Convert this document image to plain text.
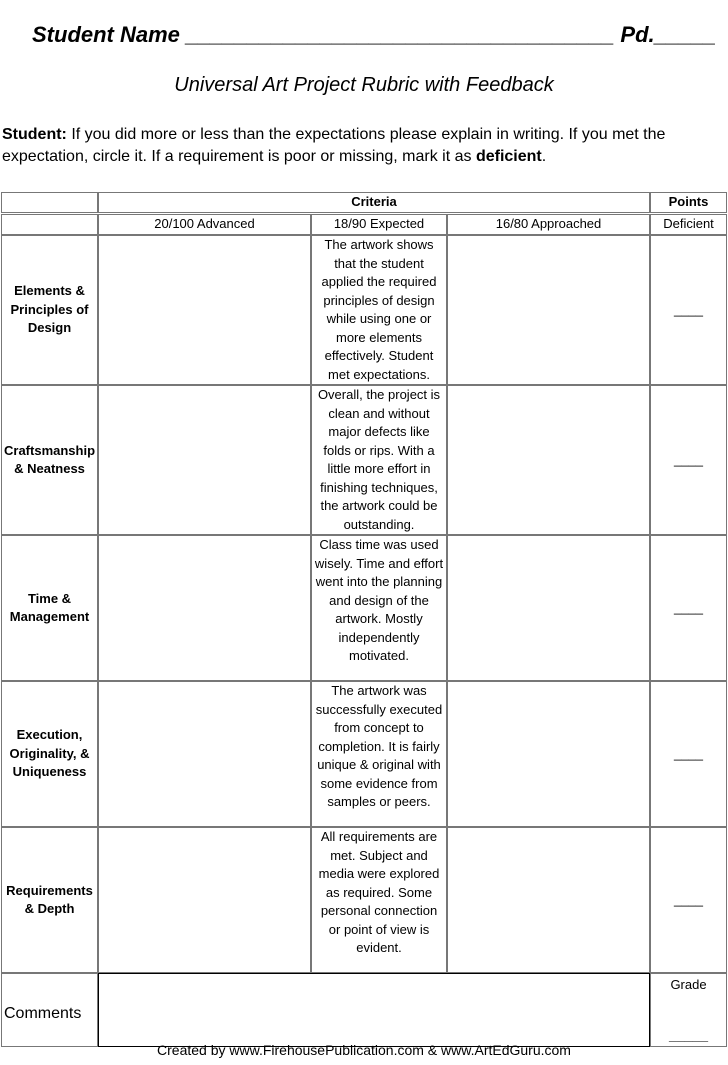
Student Name ___________________________________ Pd._____
Universal Art Project Rubric with Feedback
Student: If you did more or less than the expectations please explain in writing. If you met the expectation, circle it. If a requirement is poor or missing, mark it as deficient.
	Criteria			Points

	20/100 Advanced	18/90 Expected	16/80 Approached	Deficient
Elements & Principles of Design		The artwork shows that the student applied the required principles of design while using one or more elements effectively. Student met expectations.		____
Craftsmanship & Neatness		Overall, the project is clean and without major defects like folds or rips. With a little more effort in finishing techniques, the artwork could be outstanding.		____
Time & Management		Class time was used wisely. Time and effort went into the planning and design of the artwork. Mostly independently motivated.		____
Execution, Originality, & Uniqueness		The artwork was successfully executed from concept to completion. It is fairly unique & original with some evidence from samples or peers.		____
Requirements & Depth		All requirements are met. Subject and media were explored as required. Some personal connection or point of view is evident.		____
Comments				Grade
_____
Created by www.FirehousePublication.com & www.ArtEdGuru.com
